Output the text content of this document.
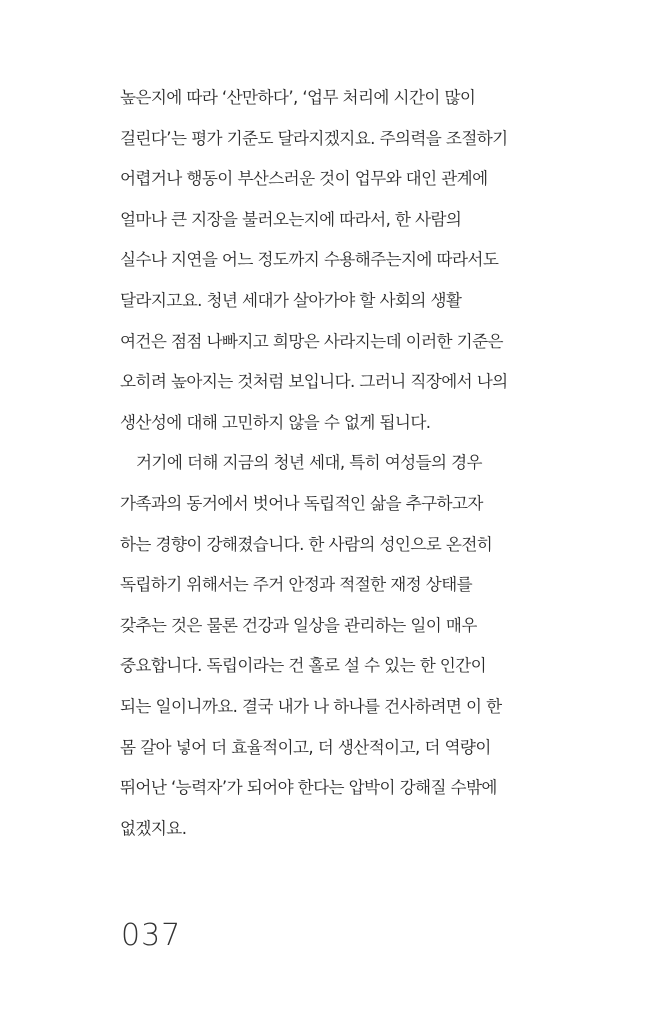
높은지에 따라 ‘산만하다’, ‘업무 처리에 시간이 많이
걸린다’는 평가 기준도 달라지겠지요. 주의력을 조절하기
어렵거나 행동이 부산스러운 것이 업무와 대인 관계에
얼마나 큰 지장을 불러오는지에 따라서, 한 사람의
실수나 지연을 어느 정도까지 수용해주는지에 따라서도
달라지고요. 청년 세대가 살아가야 할 사회의 생활
여건은 점점 나빠지고 희망은 사라지는데 이러한 기준은
오히려 높아지는 것처럼 보입니다. 그러니 직장에서 나의
생산성에 대해 고민하지 않을 수 없게 됩니다.
거기에 더해 지금의 청년 세대, 특히 여성들의 경우
가족과의 동거에서 벗어나 독립적인 삶을 추구하고자
하는 경향이 강해졌습니다. 한 사람의 성인으로 온전히
독립하기 위해서는 주거 안정과 적절한 재정 상태를
갖추는 것은 물론 건강과 일상을 관리하는 일이 매우
중요합니다. 독립이라는 건 홀로 설 수 있는 한 인간이
되는 일이니까요. 결국 내가 나 하나를 건사하려면 이 한
몸 갈아 넣어 더 효율적이고, 더 생산적이고, 더 역량이
뛰어난 ‘능력자’가 되어야 한다는 압박이 강해질 수밖에
없겠지요.
037
